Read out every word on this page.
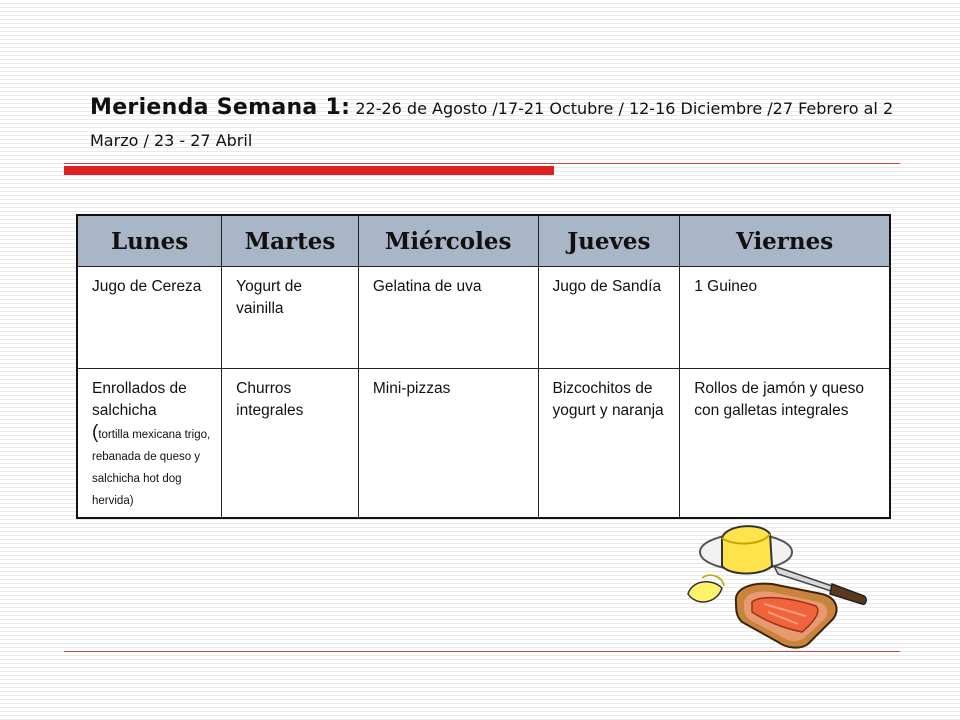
Merienda Semana 1: 22-26 de Agosto /17-21 Octubre / 12-16 Diciembre /27 Febrero al 2 Marzo / 23 - 27 Abril
Lunes	Martes	Miércoles	Jueves	Viernes
Jugo de Cereza	Yogurt de vainilla	Gelatina de uva	Jugo de Sandía	1 Guineo
Enrollados de salchicha
(tortilla mexicana trigo, rebanada de queso y salchicha hot dog hervida)	Churros integrales	Mini-pizzas	Bizcochitos de yogurt y naranja	Rollos de jamón y queso con galletas integrales
